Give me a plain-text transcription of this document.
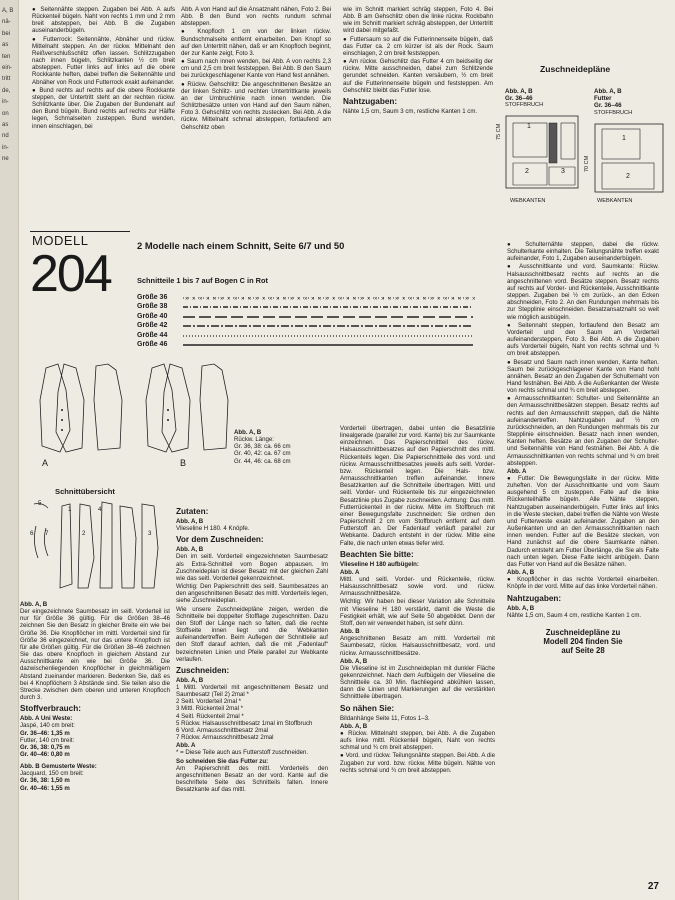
A, B
nä-
bei
as
ten
ein-
tritt
de,
in-
on
as
nd
in-
ne

● Seitennähte steppen. Zugaben bei Abb. A aufs Rückenteil bügeln. Naht von rechts 1 mm und 2 mm breit absteppen, bei Abb. B die Zugaben auseinanderbügeln.

● Futterrock: Seitennähte, Abnäher und rückw. Mittelnaht steppen. An der rückw. Mittelnaht den Reißverschlußschlitz offen lassen. Schlitzzugaben nach innen bügeln, Schlitzkanten ½ cm breit absteppen. Futter links auf links auf die obere Rockkante heften, dabei treffen die Seitennähte und Abnäher von Rock und Futterrock exakt aufeinander.

● Bund rechts auf rechts auf die obere Rockkante steppen, der Untertritt steht an der rechten rückw. Schlitzkante über. Die Zugaben der Bundenaht auf den Bund bügeln. Bund rechts auf rechts zur Hälfte legen, Schmalseiten zusteppen. Bund wenden, innen einschlagen, bei

Abb. A von Hand auf die Ansatznaht nähen, Foto 2. Bei Abb. B den Bund von rechts rundum schmal absteppen.

● Knopfloch 1 cm von der linken rückw. Bundschmalseite entfernt einarbeiten. Den Knopf so auf den Untertritt nähen, daß er am Knopfloch beginnt, der zur Kante zeigt, Foto 3.

● Saum nach innen wenden, bei Abb. A von rechts 2,3 cm und 2,5 cm breit feststeppen. Bei Abb. B den Saum bei zurückgeschlagener Kante von Hand fest annähen.

● Rückw. Gehschlitz: Die angeschnittenen Besätze an der linken Schlitz- und rechten Untertrittkante jeweils an der Umbruchlinie nach innen wenden. Die Schlitzbesätze unten von Hand auf den Saum nähen, Foto 3. Gehschlitz von rechts zustecken. Bei Abb. A die rückw. Mittelnaht schmal absteppen, fortlaufend am Gehschlitz oben

wie im Schnitt markiert schräg steppen, Foto 4. Bei Abb. B am Gehschlitz oben die linke rückw. Rockbahn wie im Schnitt markiert schräg absteppen, der Untertritt wird dabei mitgefaßt.

● Futtersaum so auf die Futterinnenseite bügeln, daß das Futter ca. 2 cm kürzer ist als der Rock. Saum einschlagen, 2 cm breit feststeppen.

● Am rückw. Gehschlitz das Futter 4 cm beidseitig der rückw. Mitte ausschneiden, dabei zum Schlitzende gerundet schneiden. Kanten versäubern, ½ cm breit auf die Futterinnenseite bügeln und feststeppen. Am Gehschlitz bleibt das Futter lose.

Nahtzugaben:

Nähte 1,5 cm, Saum 3 cm, restliche Kanten 1 cm.

Zuschneidepläne
Abb. A, B
Gr. 36–46
STOFFBRUCH
Abb. A, B
Futter
Gr. 36–46
STOFFBRUCH
1
2	3
75 CM
WEBKANTEN
1
2
70 CM
WEBKANTEN
MODELL
204	2 Modelle nach einem Schnitt, Seite 6/7 und 50
Schnitteile 1 bis 7 auf Bogen C in Rot
Größe 36
Größe 38
Größe 40
Größe 42
Größe 44
Größe 46
× × × × × × × × × × × × × × × × × × × × × × × × × × × × × × × × × × × × × × × × × ×
A	B
Abb. A, B
Rückw. Länge:
Gr. 36, 38: ca. 66 cm
Gr. 40, 42: ca. 67 cm
Gr. 44, 46: ca. 68 cm
Schnittübersicht
5
6 7
4
1
2	3
Abb. A, B

Der eingezeichnete Saumbesatz im seitl. Vorderteil ist nur für Größe 36 gültig. Für die Größen 38–46 zeichnen Sie den Besatz in gleicher Breite ein wie bei Größe 36. Die Knopflöcher im mittl. Vorderteil sind für Größe 36 eingezeichnet, nur das untere Knopfloch ist für alle Größen gültig. Für die Größen 38–46 zeichnen Sie das obere Knopfloch in gleichem Abstand zur Ausschnittkante ein wie bei Größe 36. Die dazwischenliegenden Knopflöcher in gleichmäßigem Abstand zueinander markieren. Bedenken Sie, daß es bei 4 Knopflöchern 3 Abstände sind. Sie teilen also die Strecke zwischen dem oberen und unteren Knopfloch durch 3.

Stoffverbrauch:
Abb. A Uni Weste:
Jaspé, 140 cm breit:
Gr. 36–46: 1,35 m
Futter, 140 cm breit:
Gr. 36, 38: 0,75 m
Gr. 40–46: 0,80 m
Abb. B Gemusterte Weste:
Jacquard, 150 cm breit:
Gr. 36, 38: 1,50 m
Gr. 40–46: 1,55 m
Zutaten:
Abb. A, B

Vlieseline H 180. 4 Knöpfe.

Vor dem Zuschneiden:
Abb. A, B

Den im seitl. Vorderteil eingezeichneten Saumbesatz als Extra-Schnitteil vom Bogen abpausen. Im Zuschneideplan ist dieser Besatz mit der gleichen Zahl wie das seitl. Vorderteil gekennzeichnet.

Wichtig: Den Papierschnitt des seitl. Saumbesatzes an den angeschnittenen Besatz des mittl. Vorderteils legen, siehe Zuschneideplan.

Wie unsere Zuschneidepläne zeigen, werden die Schnitteile bei doppelter Stofflage zugeschnitten. Dazu den Stoff der Länge nach so falten, daß die rechte Stoffseite innen liegt und die Webkanten aufeinandertreffen. Beim Auflegen der Schnitteile auf den Stoff darauf achten, daß die mit „Fadenlauf“ bezeichneten Linien und Pfeile parallel zur Webkante verlaufen.

Zuschneiden:
Abb. A, B
1 Mittl. Vorderteil mit angeschnittenem Besatz und Saumbesatz (Teil 2) 2mal *
2 Seitl. Vorderteil 2mal *
3 Mittl. Rückenteil 2mal *
4 Seitl. Rückenteil 2mal *
5 Rückw. Halsausschnittbesatz 1mal im Stoffbruch
6 Vord. Armausschnittbesatz 2mal
7 Rückw. Armausschnittbesatz 2mal
Abb. A

* = Diese Teile auch aus Futterstoff zuschneiden.

So schneiden Sie das Futter zu:

Am Papierschnitt des mittl. Vorderteils den angeschnittenen Besatz an der vord. Kante auf die beschriftete Seite des Schnitteils falten. Innere Besatzkante auf das mittl.

Vorderteil übertragen, dabei unten die Besatzlinie linealgerade (parallel zur vord. Kante) bis zur Saumkante einzeichnen. Das Papierschnittteil des rückw. Halsausschnittbesatzes auf den Papierschnitt des mittl. Rückenteils legen. Die Papierschnittteile des vord. und rückw. Armausschnittbesatzes jeweils aufs seitl. Vorder- bzw. Rückenteil legen. Die Hals- bzw. Armausschnittkanten treffen aufeinander. Innere Besatzkanten auf die Schnitteile übertragen. Mittl. und seitl. Vorder- und Rückenteile bis zur eingezeichneten Besatzlinie plus Zugabe zuschneiden. Achtung: Das mittl. Futterrückenteil in der rückw. Mitte im Stoffbruch mit einer Bewegungsfalte zuschneiden: Sie ordnen den Papierschnitt 2 cm vom Stoffbruch entfernt auf dem Futterstoff an. Der Fadenlauf verläuft parallel zur Webkante. Dadurch entsteht in der rückw. Mitte eine Falte, die nach unten etwas tiefer wird.

Beachten Sie bitte:
Vlieseline H 180 aufbügeln:
Abb. A

Mittl. und seitl. Vorder- und Rückenteile, rückw. Halsausschnittbesatz sowie vord. und rückw. Armausschnittbesätze.

Wichtig: Wir haben bei dieser Variation alle Schnitteile mit Vlieseline H 180 verstärkt, damit die Weste die Festigkeit erhält, wie auf Seite 50 abgebildet. Denn der Stoff, den wir verwendet haben, ist sehr dünn.

Abb. B

Angeschnittenen Besatz am mittl. Vorderteil mit Saumbesatz, rückw. Halsausschnittbesatz, vord. und rückw. Armausschnittbesätze.

Abb. A, B

Die Vlieseline ist im Zuschneideplan mit dunkler Fläche gekennzeichnet. Nach dem Aufbügeln der Vlieseline die Schnittteile ca. 30 Min. flachliegend abkühlen lassen, dann die Linien und Markierungen auf die verstärkten Schnittteile übertragen.

So nähen Sie:

Bildanhänge Seite 11, Fotos 1–3.

Abb. A, B

● Rückw. Mittelnaht steppen, bei Abb. A die Zugaben aufs linke mittl. Rückenteil bügeln, Naht von rechts schmal und ¾ cm breit absteppen.

● Vord. und rückw. Teilungsnähte steppen. Bei Abb. A die Zugaben zur vord. bzw. rückw. Mitte bügeln. Nähte von rechts schmal und ¾ cm breit absteppen.

● Schulternähte steppen, dabei die rückw. Schulterkante einhalten. Die Teilungsnähte treffen exakt aufeinander, Foto 1, Zugaben auseinanderbügeln.

● Ausschnittkante und vord. Saumkante: Rückw. Halsausschnittbesatz rechts auf rechts an die angeschnittenen vord. Besätze steppen. Besatz rechts auf rechts auf Vorder- und Rückenteile, Ausschnittkante steppen. Zugaben bei ½ cm zurück-, an den Ecken abschneiden, Foto 2. An den Rundungen mehrmals bis zur Stepplinie einschneiden. Besatzansatznaht so weit wie möglich ausbügeln.

● Seitennaht steppen, fortlaufend den Besatz am Vorderteil und den Saum am Vorderteil aufeinandersteppen, Foto 3. Bei Abb. A die Zugaben aufs Vorderteil bügeln, Naht von rechts schmal und ¾ cm breit absteppen.

● Besatz und Saum nach innen wenden, Kante heften. Saum bei zurückgeschlagener Kante von Hand hohl annähen. Besatz an den Zugaben der Schulternaht von Hand festnähen. Bei Abb. A die Außenkanten der Weste von rechts schmal und ¾ cm breit absteppen.

● Armausschnittkanten: Schulter- und Seitennähte an den Armausschnittbesätzen steppen. Besatz rechts auf rechts auf den Armausschnitt steppen, daß die Nähte aufeinandertreffen. Nahtzugaben auf ½ cm zurückschneiden, an den Rundungen mehrmals bis zur Stepplinie einschneiden. Besatz nach innen wenden, Kanten heften. Besätze an den Zugaben der Schulter- und Seitennähte von Hand festnähen. Bei Abb. A die Armausschnittkanten von rechts schmal und ¾ cm breit absteppen.

Abb. A

● Futter: Die Bewegungsfalte in der rückw. Mitte zuheften. Von der Ausschnittkante und vom Saum ausgehend 5 cm zusteppen. Falte auf die linke Rückenteilhälfte bügeln. Alle Nähte steppen, Nahtzugaben auseinanderbügeln. Futter links auf links in die Weste stecken, dabei treffen die Nähte von Weste und Futterweste exakt aufeinander. Zugaben an den Außenkanten und an den Armausschnittkanten nach innen wenden. Futter auf die Besätze stecken, von Hand zunächst auf die obere Saumkante nähen. Dadurch entsteht am Futter Überlänge, die Sie als Falte nach unten legen. Diese Falte leicht anbügeln. Dann das Futter von Hand auf die Besätze nähen.

Abb. A, B

● Knopflöcher in das rechte Vorderteil einarbeiten. Knöpfe in der vord. Mitte auf das linke Vorderteil nähen.

Nahtzugaben:
Abb. A, B

Nähte 1,5 cm, Saum 4 cm, restliche Kanten 1 cm.

Zuschneidepläne zu
Modell 204 finden Sie
auf Seite 28
27
